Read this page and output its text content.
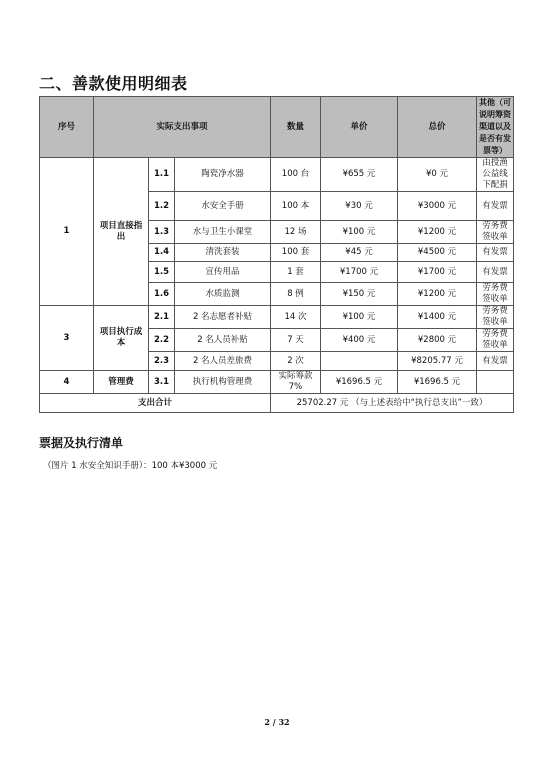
二、善款使用明细表
序号	实际支出事项			数量	单价	总价	其他（可说明筹资渠道以及是否有发票等）
1	项目直接指出	1.1	陶瓷净水器	100 台	¥655 元	¥0 元	由授渔公益线下配捐
		1.2	水安全手册	100 本	¥30 元	¥3000 元	有发票
		1.3	水与卫生小课堂	12 场	¥100 元	¥1200 元	劳务费签收单
		1.4	清洗套装	100 套	¥45 元	¥4500 元	有发票
		1.5	宣传用品	1 套	¥1700 元	¥1700 元	有发票
		1.6	水质监测	8 例	¥150 元	¥1200 元	劳务费签收单
3	项目执行成本	2.1	2 名志愿者补贴	14 次	¥100 元	¥1400 元	劳务费签收单
		2.2	2 名人员补贴	7 天	¥400 元	¥2800 元	劳务费签收单
		2.3	2 名人员差旅费	2 次		¥8205.77 元	有发票
4	管理费	3.1	执行机构管理费	实际筹款 7%	¥1696.5 元	¥1696.5 元	
支出合计				25702.27 元 （与上述表给中“执行总支出”一致）			
票据及执行清单
（图片 1 水安全知识手册）：100 本¥3000 元
2 / 32
